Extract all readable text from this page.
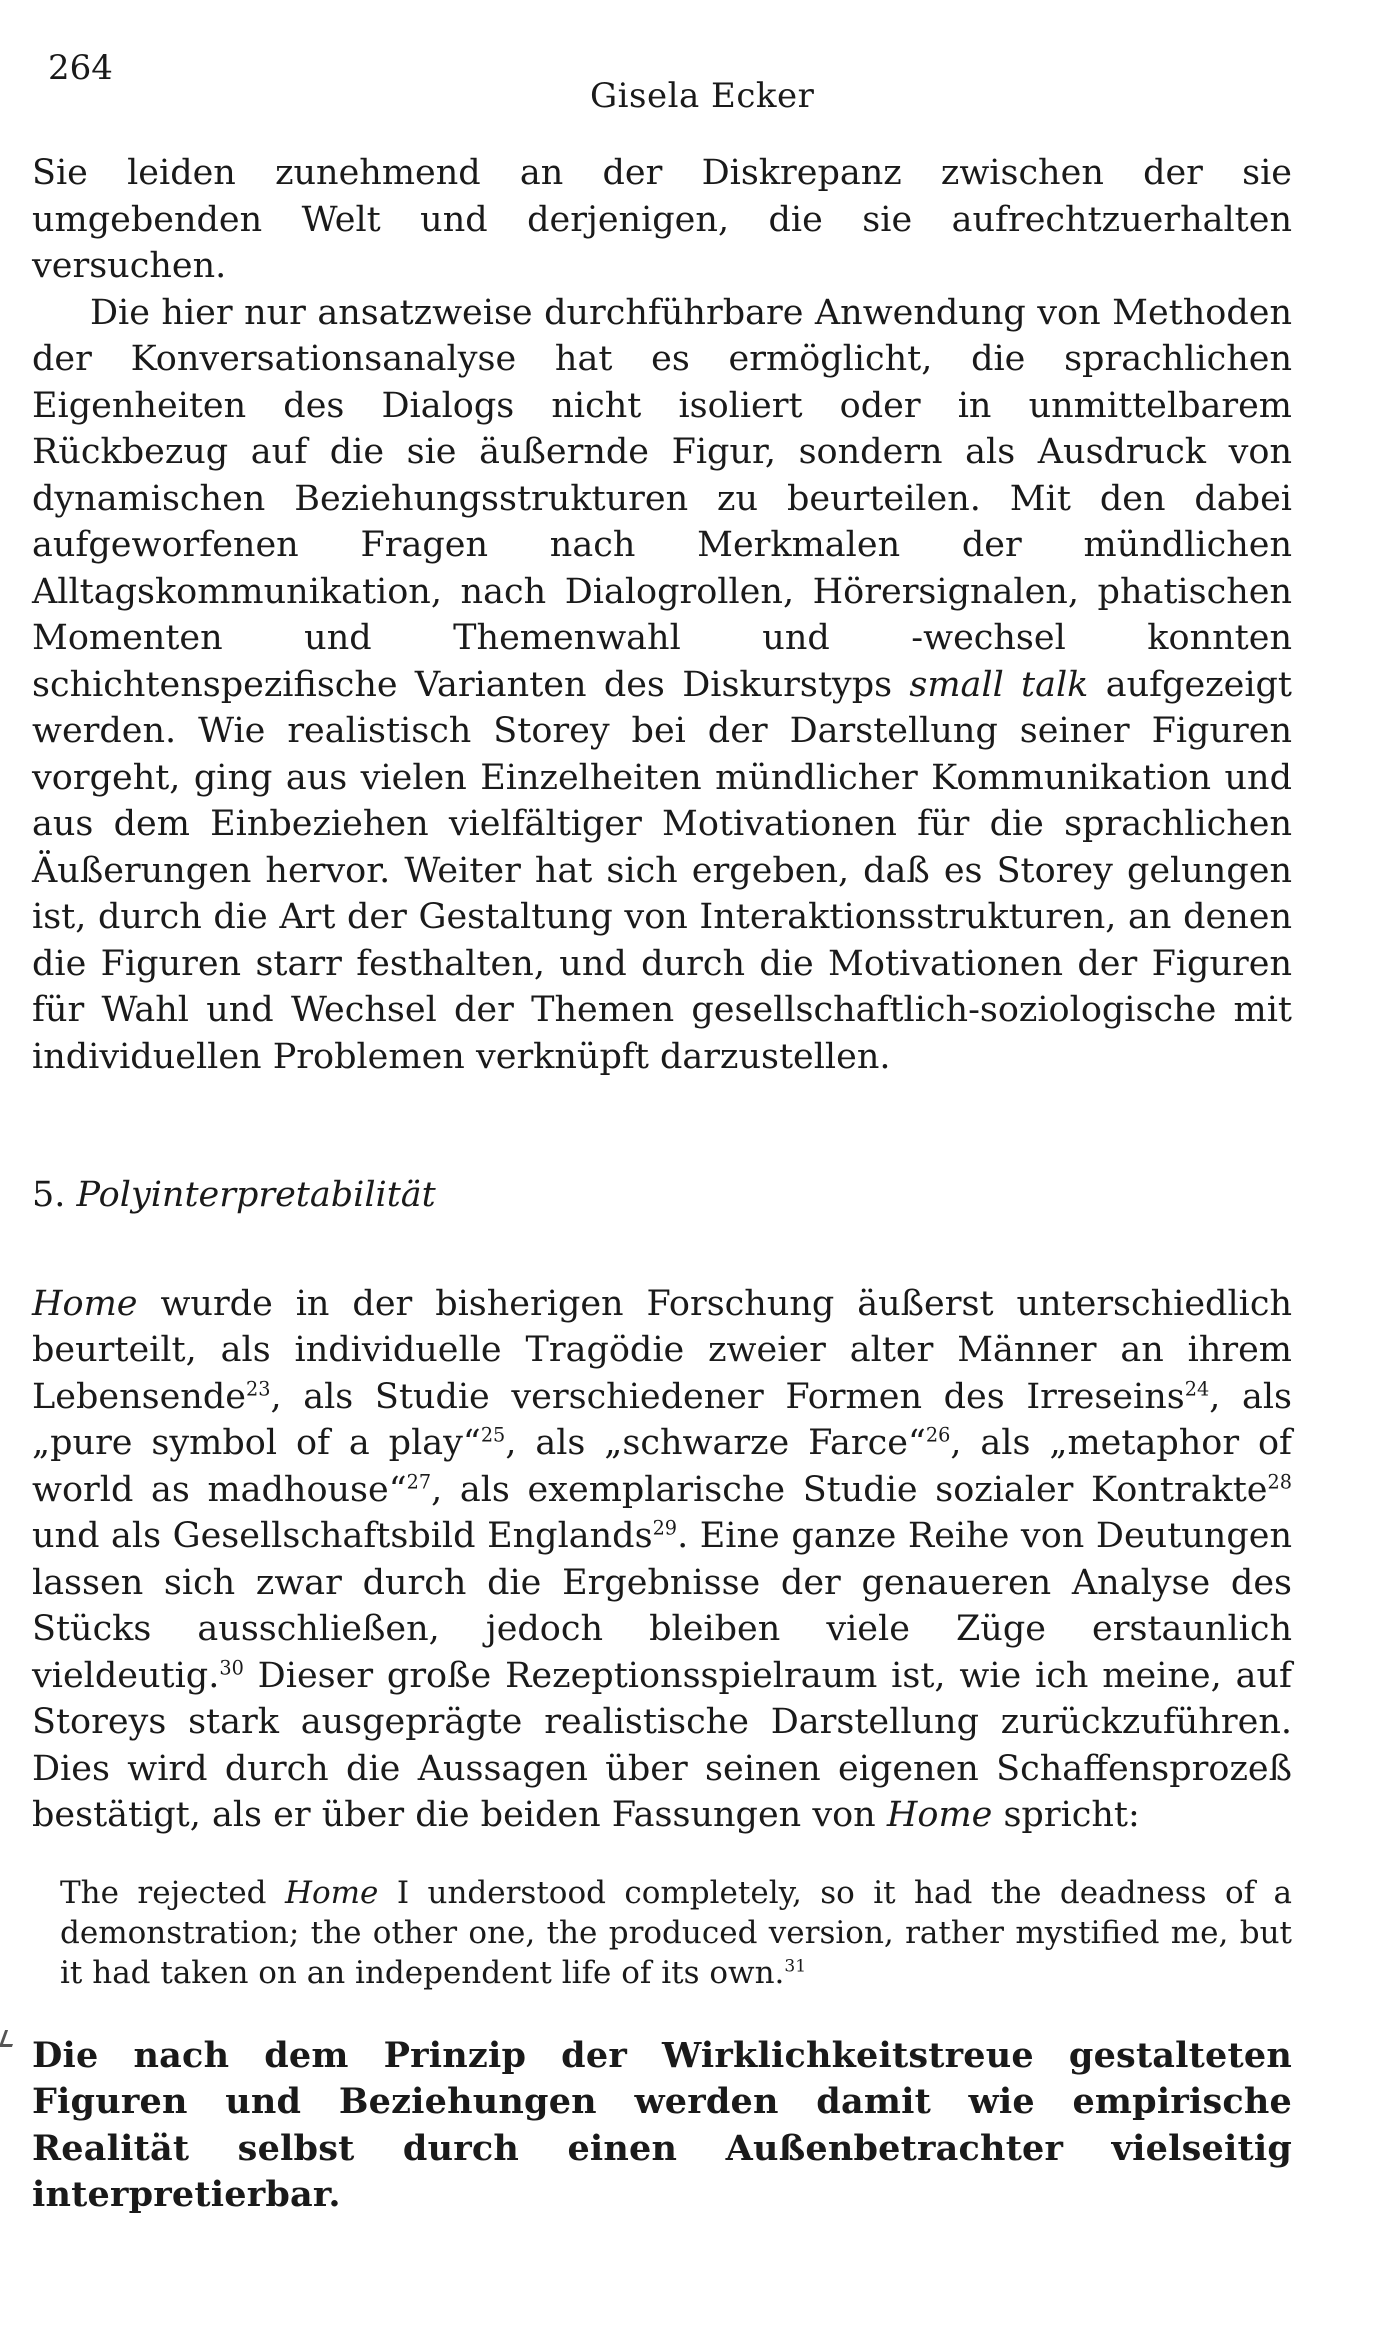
264
Gisela Ecker

Sie leiden zunehmend an der Diskrepanz zwischen der sie umgebenden Welt und derjenigen, die sie aufrechtzuerhalten versuchen.

Die hier nur ansatzweise durchführbare Anwendung von Methoden der Konversationsanalyse hat es ermöglicht, die sprachlichen Eigenheiten des Dialogs nicht isoliert oder in unmittelbarem Rückbezug auf die sie äußernde Figur, sondern als Ausdruck von dynamischen Beziehungsstrukturen zu beurteilen. Mit den dabei aufgeworfenen Fragen nach Merkmalen der mündlichen Alltagskommunikation, nach Dialogrollen, Hörersignalen, phatischen Momenten und Themenwahl und -wechsel konnten schichtenspezifische Varianten des Diskurstyps small talk aufgezeigt werden. Wie realistisch Storey bei der Darstellung seiner Figuren vorgeht, ging aus vielen Einzelheiten mündlicher Kommunikation und aus dem Einbeziehen vielfältiger Motivationen für die sprachlichen Äußerungen hervor. Weiter hat sich ergeben, daß es Storey gelungen ist, durch die Art der Gestaltung von Interaktionsstrukturen, an denen die Figuren starr festhalten, und durch die Motivationen der Figuren für Wahl und Wechsel der Themen gesellschaftlich-soziologische mit individuellen Problemen verknüpft darzustellen.

5. Polyinterpretabilität

Home wurde in der bisherigen Forschung äußerst unterschiedlich beurteilt, als individuelle Tragödie zweier alter Männer an ihrem Lebensende$^{23}$, als Studie verschiedener Formen des Irreseins$^{24}$, als „pure symbol of a play“$^{25}$, als „schwarze Farce“$^{26}$, als „metaphor of world as madhouse“$^{27}$, als exemplarische Studie sozialer Kontrakte$^{28}$ und als Gesellschaftsbild Englands$^{29}$. Eine ganze Reihe von Deutungen lassen sich zwar durch die Ergebnisse der genaueren Analyse des Stücks ausschließen, jedoch bleiben viele Züge erstaunlich vieldeutig.$^{30}$ Dieser große Rezeptionsspielraum ist, wie ich meine, auf Storeys stark ausgeprägte realistische Darstellung zurückzuführen. Dies wird durch die Aussagen über seinen eigenen Schaffensprozeß bestätigt, als er über die beiden Fassungen von Home spricht:

The rejected Home I understood completely, so it had the deadness of a demonstration; the other one, the produced version, rather mystified me, but it had taken on an independent life of its own.$^{31}$

Die nach dem Prinzip der Wirklichkeitstreue gestalteten Figuren und Beziehungen werden damit wie empirische Realität selbst durch einen Außenbetrachter vielseitig interpretierbar.
